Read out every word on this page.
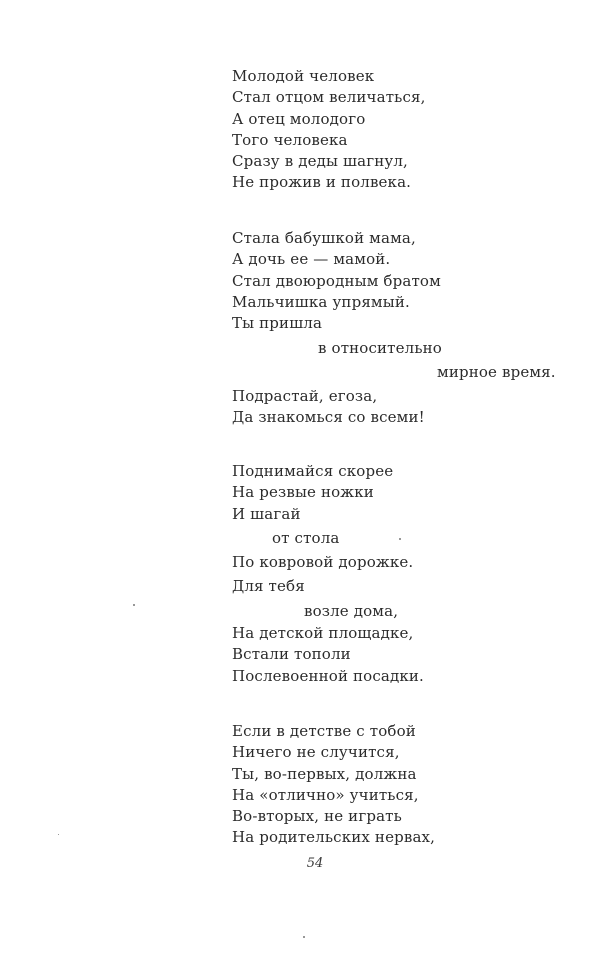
Молодой человек
Стал отцом величаться,
А отец молодого
Того человека
Сразу в деды шагнул,
Не прожив и полвека.
Стала бабушкой мама,
А дочь ее — мамой.
Стал двоюродным братом
Мальчишка упрямый.
Ты пришла
в относительно
мирное время.
Подрастай, егоза,
Да знакомься со всеми!
Поднимайся скорее
На резвые ножки
И шагай
от стола
По ковровой дорожке.
Для тебя
возле дома,
На детской площадке,
Встали тополи
Послевоенной посадки.
Если в детстве с тобой
Ничего не случится,
Ты, во-первых, должна
На «отлично» учиться,
Во-вторых, не играть
На родительских нервах,
54
